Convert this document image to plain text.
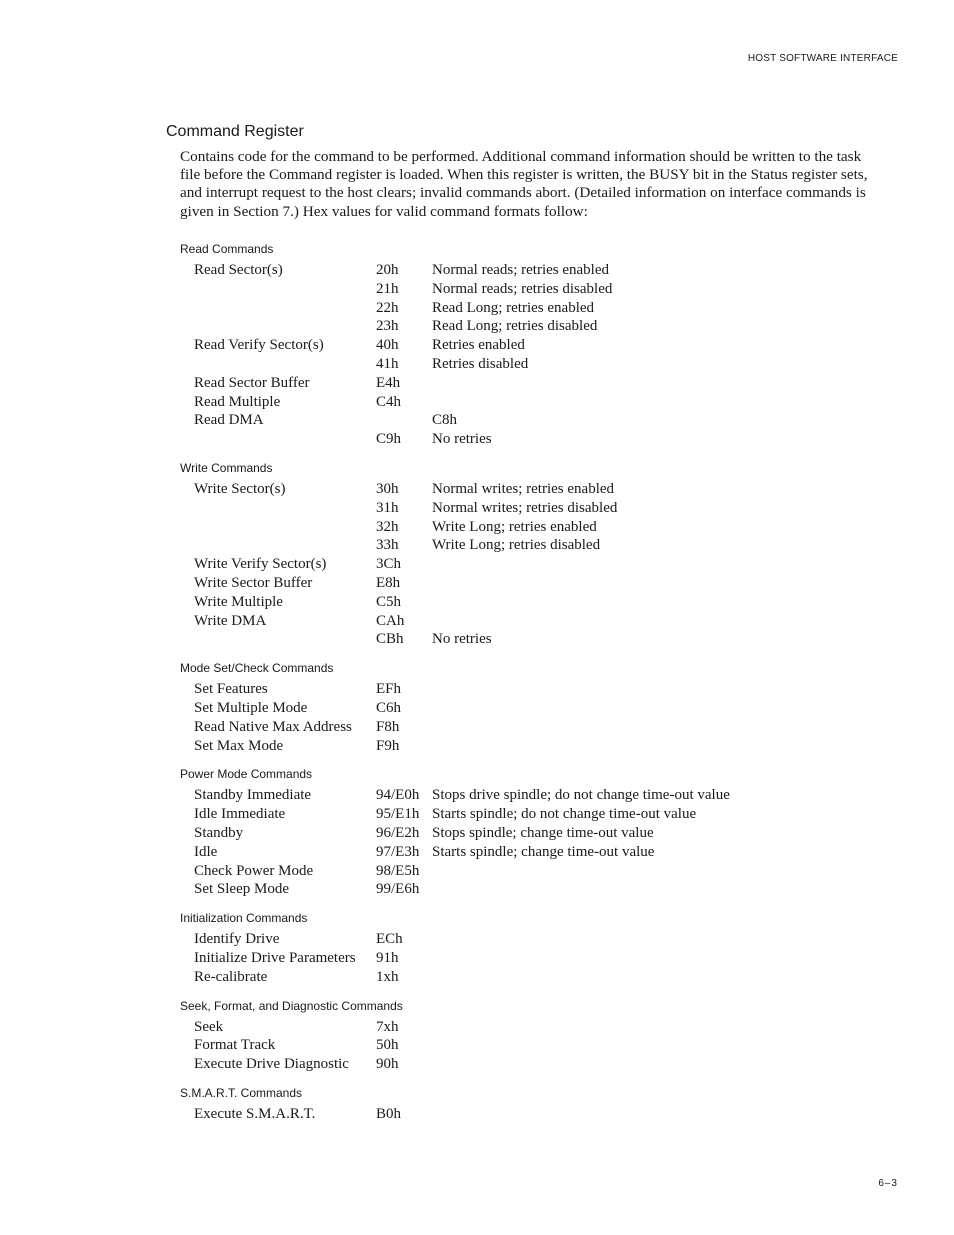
HOST SOFTWARE INTERFACE
Command Register
Contains code for the command to be performed. Additional command information should be written to the task file before the Command register is loaded. When this register is written, the BUSY bit in the Status register sets, and interrupt request to the host clears; invalid commands abort. (Detailed information on interface commands is given in Section 7.) Hex values for valid command formats follow:
Read Commands
Read Sector(s)	20h Normal reads; retries enabled
21h Normal reads; retries disabled
22h Read Long; retries enabled
23h Read Long; retries disabled
Read Verify Sector(s)	40h Retries enabled
41h Retries disabled
Read Sector Buffer	E4h
Read Multiple	C4h
Read DMA	C8h
C9h No retries
Write Commands
Write Sector(s)	30h Normal writes; retries enabled
31h Normal writes; retries disabled
32h Write Long; retries enabled
33h Write Long; retries disabled
Write Verify Sector(s)	3Ch
Write Sector Buffer	E8h
Write Multiple	C5h
Write DMA	CAh
CBh No retries
Mode Set/Check Commands
Set Features	EFh
Set Multiple Mode	C6h
Read Native Max Address F8h
Set Max Mode	F9h
Power Mode Commands
Standby Immediate	94/E0h Stops drive spindle; do not change time-out value
Idle Immediate	95/E1h Starts spindle; do not change time-out value
Standby	96/E2h Stops spindle; change time-out value
Idle	97/E3h Starts spindle; change time-out value
Check Power Mode	98/E5h
Set Sleep Mode	99/E6h
Initialization Commands
Identify Drive	ECh
Initialize Drive Parameters 91h
Re-calibrate	1xh
Seek, Format, and Diagnostic Commands
Seek	7xh
Format Track	50h
Execute Drive Diagnostic 90h
S.M.A.R.T. Commands
Execute S.M.A.R.T.	B0h
6–3
